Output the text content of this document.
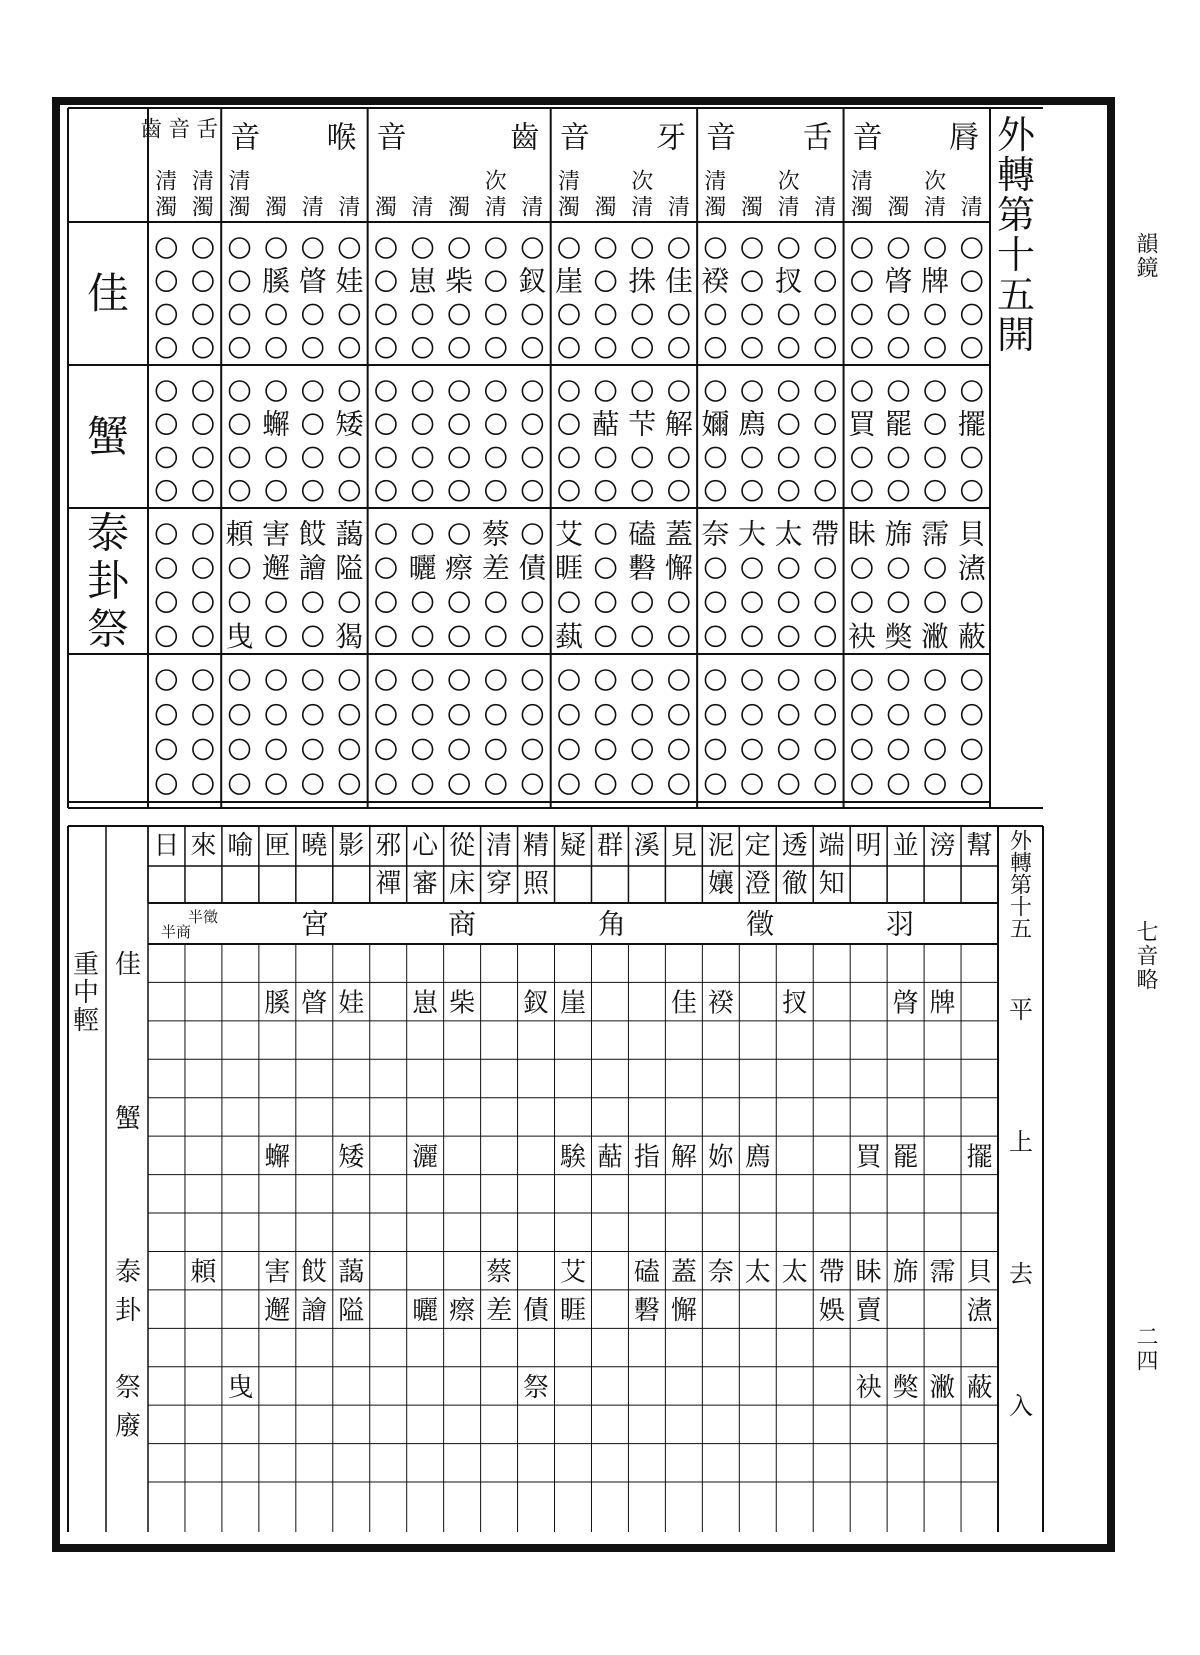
韻鏡
七音略
二四
外
轉
第
十
五
開
脣
音
清
次
清
濁
清
濁
舌
音
清
次
清
濁
清
濁
牙
音
清
次
清
濁
清
濁
齒
音
清
次
清
濁
清
濁
喉
音
清
清
濁
清
濁
舌
音
齒
清
濁
清
濁
佳
蟹
泰
卦
祭
牌
䏿
扠
䙆
佳
㧣
崖
釵
柴
崽
娃
䁈
膎
擺
罷
買
廌
嬭
解
芐
䔯
矮
蠏
貝
霈
旆
眛
帶
太
大
奈
蓋
磕
艾
蔡
藹
餀
害
頼
㵭
懈
礊
睚
債
差
瘵
曬
隘
譮
邂
蔽
潎
獘
袂
蓺
猲
曳
外
轉
第
十
五
平
上
去
入
幫
滂
並
明
端
透
定
泥
見
溪
群
疑
精
清
從
心
邪
影
曉
匣
喻
來
日
知
徹
澄
孃
照
穿
床
審
禪
羽
徵
角
商
宮
半徵
半商
重
中
輕
佳
蟹
泰
卦
祭
廢
牌
䏿
扠
䙆
佳
崖
釵
柴
崽
娃
䁈
膎
擺
罷
買
廌
妳
解
指
䔯
騃
灑
矮
蠏
貝
霈
旆
眛
帶
太
太
奈
蓋
磕
艾
蔡
藹
餀
害
頼
㵭
賣
娛
懈
礊
睚
債
差
瘵
曬
隘
譮
邂
蔽
潎
獘
袂
祭
曳
